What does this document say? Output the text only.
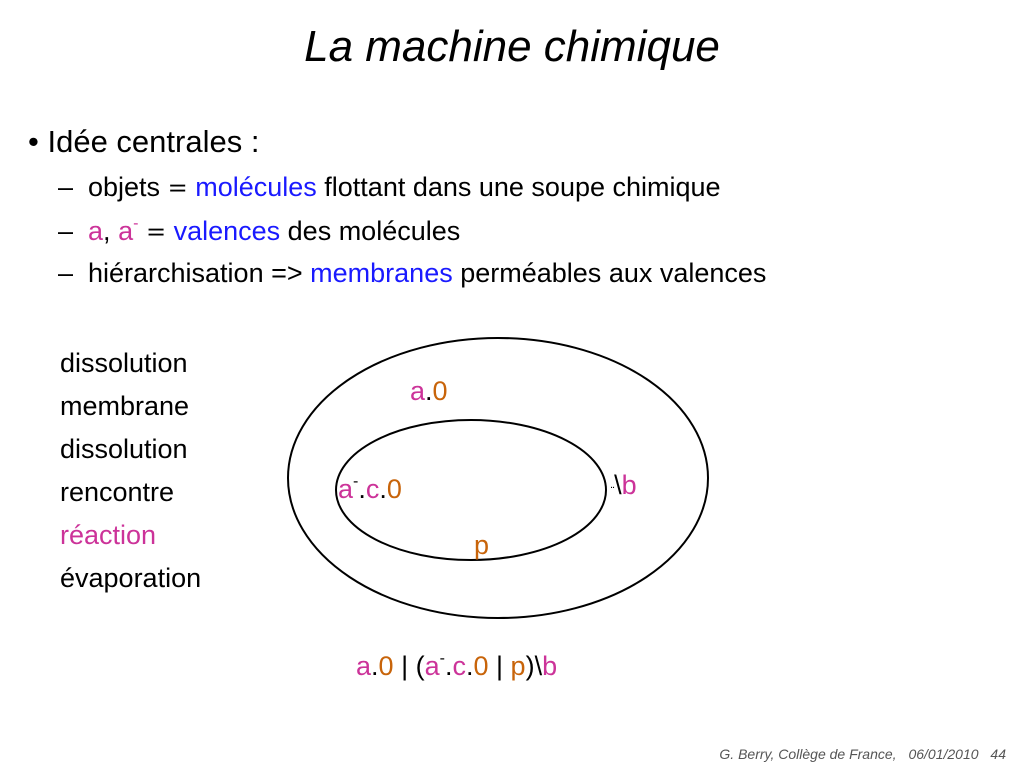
La machine chimique
• Idée centrales :
– objets = molécules flottant dans une soupe chimique
– a, a- = valences des molécules
– hiérarchisation => membranes perméables aux valences
dissolution
membrane
dissolution
rencontre
réaction
évaporation
a.0
a-.c.0
p
..\b
a.0 | (a-.c.0 | p)\b
G. Berry, Collège de France, 06/01/2010 44
